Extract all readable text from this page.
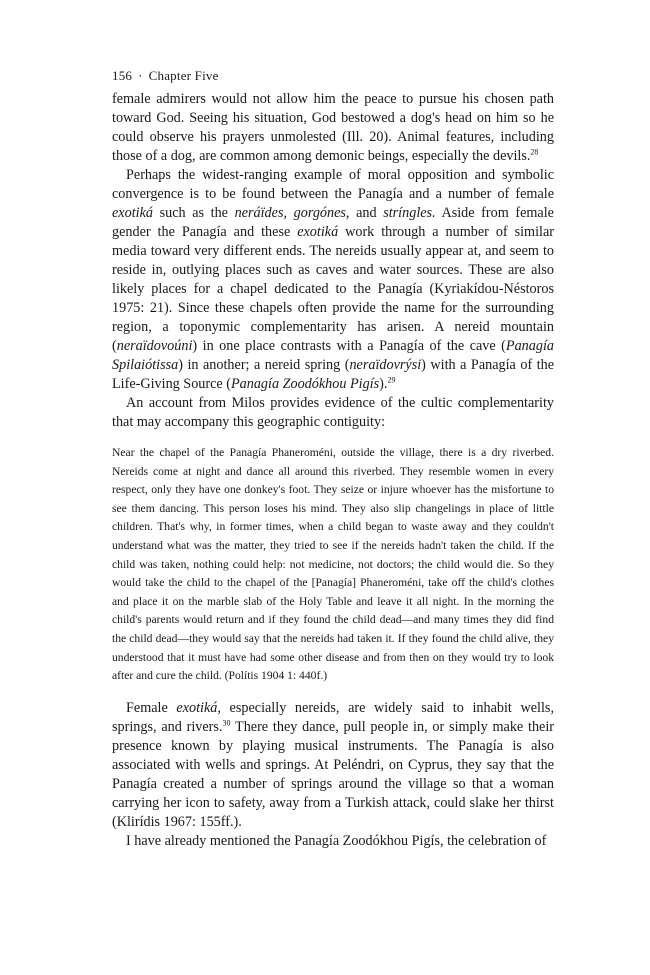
156 · Chapter Five

female admirers would not allow him the peace to pursue his chosen path toward God. Seeing his situation, God bestowed a dog's head on him so he could observe his prayers unmolested (Ill. 20). Animal features, including those of a dog, are common among demonic beings, especially the devils.$^{28}$

Perhaps the widest-ranging example of moral opposition and symbolic convergence is to be found between the Panagía and a number of female exotiká such as the neráïdes, gorgónes, and stríngles. Aside from female gender the Panagía and these exotiká work through a number of similar media toward very different ends. The nereids usually appear at, and seem to reside in, outlying places such as caves and water sources. These are also likely places for a chapel dedicated to the Panagía (Kyriakídou-Néstoros 1975: 21). Since these chapels often provide the name for the surrounding region, a toponymic complementarity has arisen. A nereid mountain (neraïdovoúni) in one place contrasts with a Panagía of the cave (Panagía Spilaiótissa) in another; a nereid spring (neraïdovrýsi) with a Panagía of the Life-Giving Source (Panagía Zoodókhou Pigís).$^{29}$

An account from Milos provides evidence of the cultic complementarity that may accompany this geographic contiguity:

Near the chapel of the Panagía Phaneroméni, outside the village, there is a dry riverbed. Nereids come at night and dance all around this riverbed. They resemble women in every respect, only they have one donkey's foot. They seize or injure whoever has the misfortune to see them dancing. This person loses his mind. They also slip changelings in place of little children. That's why, in former times, when a child began to waste away and they couldn't understand what was the matter, they tried to see if the nereids hadn't taken the child. If the child was taken, nothing could help: not medicine, not doctors; the child would die. So they would take the child to the chapel of the [Panagía] Phaneroméni, take off the child's clothes and place it on the marble slab of the Holy Table and leave it all night. In the morning the child's parents would return and if they found the child dead—and many times they did find the child dead—they would say that the nereids had taken it. If they found the child alive, they understood that it must have had some other disease and from then on they would try to look after and cure the child. (Polítis 1904 1: 440f.)

Female exotiká, especially nereids, are widely said to inhabit wells, springs, and rivers.$^{30}$ There they dance, pull people in, or simply make their presence known by playing musical instruments. The Panagía is also associated with wells and springs. At Peléndri, on Cyprus, they say that the Panagía created a number of springs around the village so that a woman carrying her icon to safety, away from a Turkish attack, could slake her thirst (Klirídis 1967: 155ff.).

I have already mentioned the Panagía Zoodókhou Pigís, the celebration of
